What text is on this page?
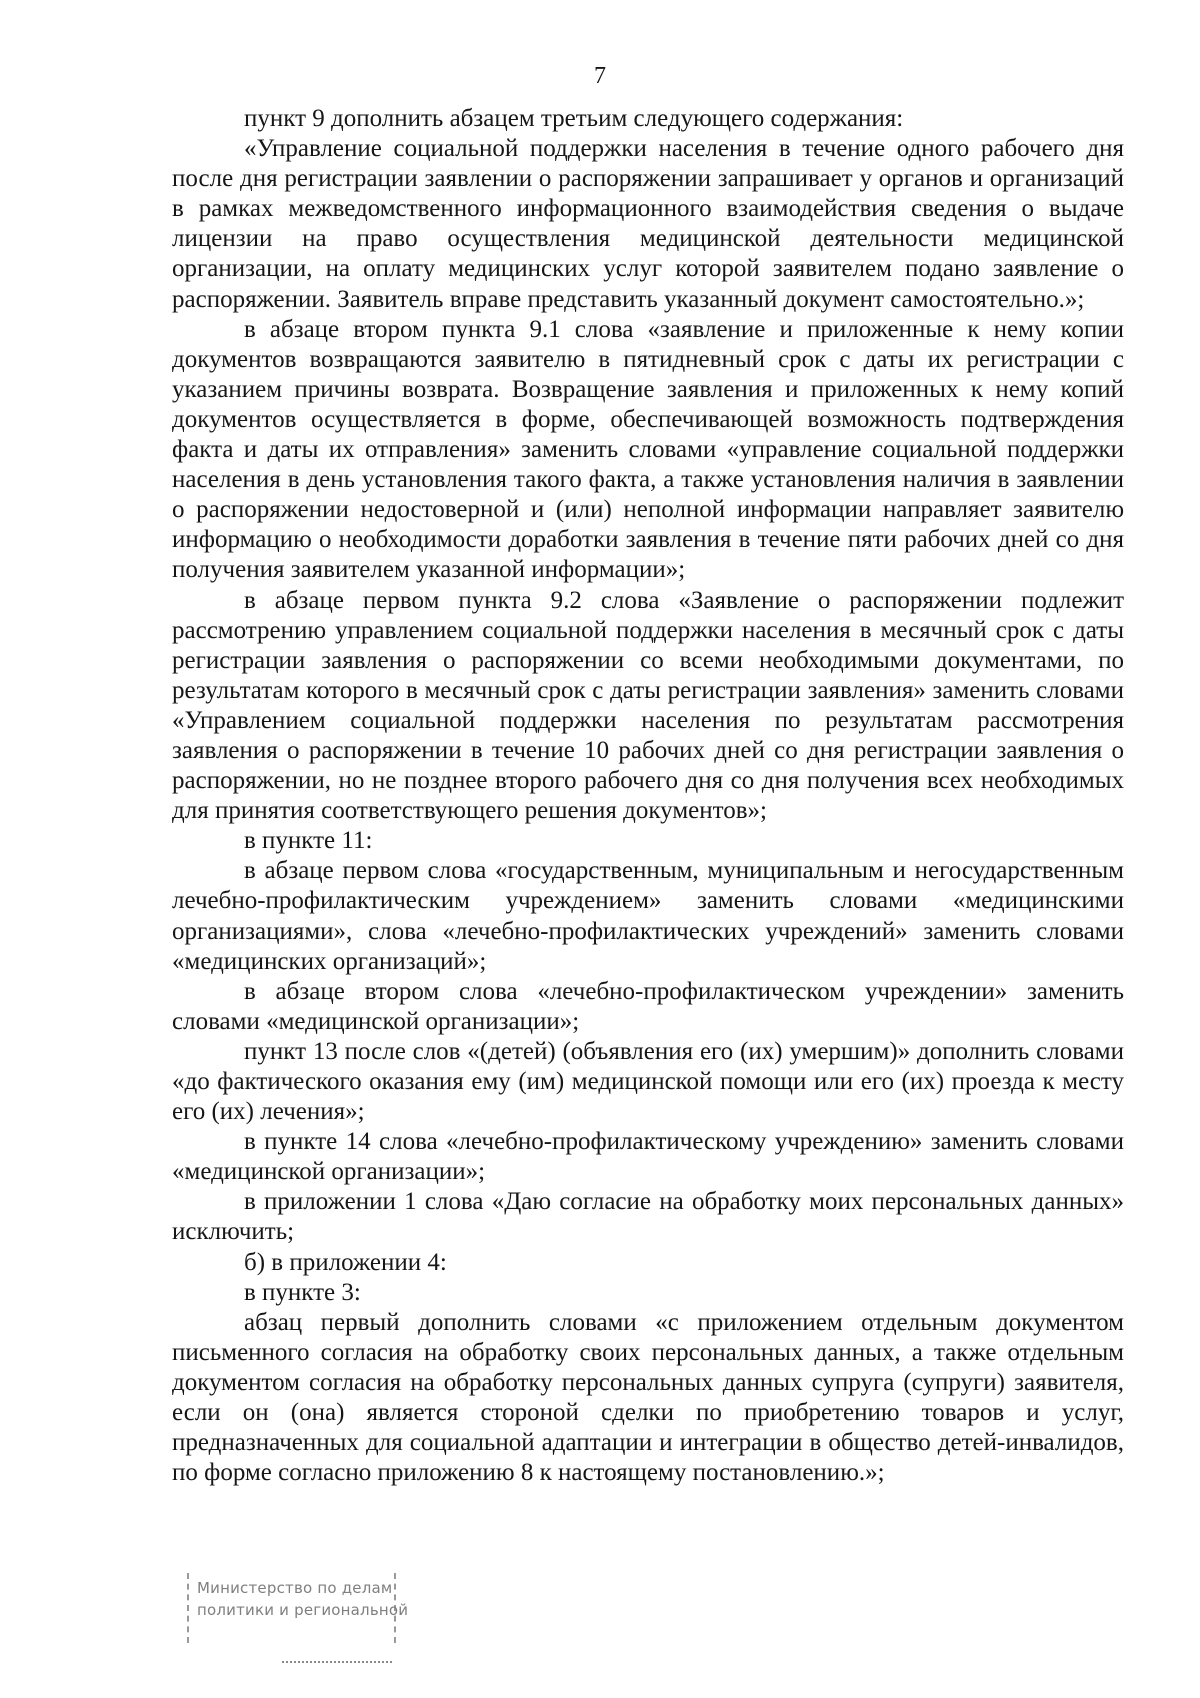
7

пункт 9 дополнить абзацем третьим следующего содержания:

«Управление социальной поддержки населения в течение одного рабочего дня после дня регистрации заявлении о распоряжении запрашивает у органов и организаций в рамках межведомственного информационного взаимодействия сведения о выдаче лицензии на право осуществления медицинской деятельности медицинской организации, на оплату медицинских услуг которой заявителем подано заявление о распоряжении. Заявитель вправе представить указанный документ самостоятельно.»;

в абзаце втором пункта 9.1 слова «заявление и приложенные к нему копии документов возвращаются заявителю в пятидневный срок с даты их регистрации с указанием причины возврата. Возвращение заявления и приложенных к нему копий документов осуществляется в форме, обеспечивающей возможность подтверждения факта и даты их отправления» заменить словами «управление социальной поддержки населения в день установления такого факта, а также установления наличия в заявлении о распоряжении недостоверной и (или) неполной информации направляет заявителю информацию о необходимости доработки заявления в течение пяти рабочих дней со дня получения заявителем указанной информации»;

в абзаце первом пункта 9.2 слова «Заявление о распоряжении подлежит рассмотрению управлением социальной поддержки населения в месячный срок с даты регистрации заявления о распоряжении со всеми необходимыми документами, по результатам которого в месячный срок с даты регистрации заявления» заменить словами «Управлением социальной поддержки населения по результатам рассмотрения заявления о распоряжении в течение 10 рабочих дней со дня регистрации заявления о распоряжении, но не позднее второго рабочего дня со дня получения всех необходимых для принятия соответствующего решения документов»;

в пункте 11:

в абзаце первом слова «государственным, муниципальным и негосударственным лечебно-профилактическим учреждением» заменить словами «медицинскими организациями», слова «лечебно-профилактических учреждений» заменить словами «медицинских организаций»;

в абзаце втором слова «лечебно-профилактическом учреждении» заменить словами «медицинской организации»;

пункт 13 после слов «(детей) (объявления его (их) умершим)» дополнить словами «до фактического оказания ему (им) медицинской помощи или его (их) проезда к месту его (их) лечения»;

в пункте 14 слова «лечебно-профилактическому учреждению» заменить словами «медицинской организации»;

в приложении 1 слова «Даю согласие на обработку моих персональных данных» исключить;

б) в приложении 4:

в пункте 3:

абзац первый дополнить словами «с приложением отдельным документом письменного согласия на обработку своих персональных данных, а также отдельным документом согласия на обработку персональных данных супруга (супруги) заявителя, если он (она) является стороной сделки по приобретению товаров и услуг, предназначенных для социальной адаптации и интеграции в общество детей-инвалидов, по форме согласно приложению 8 к настоящему постановлению.»;

Министерство по делам
политики и региональной
